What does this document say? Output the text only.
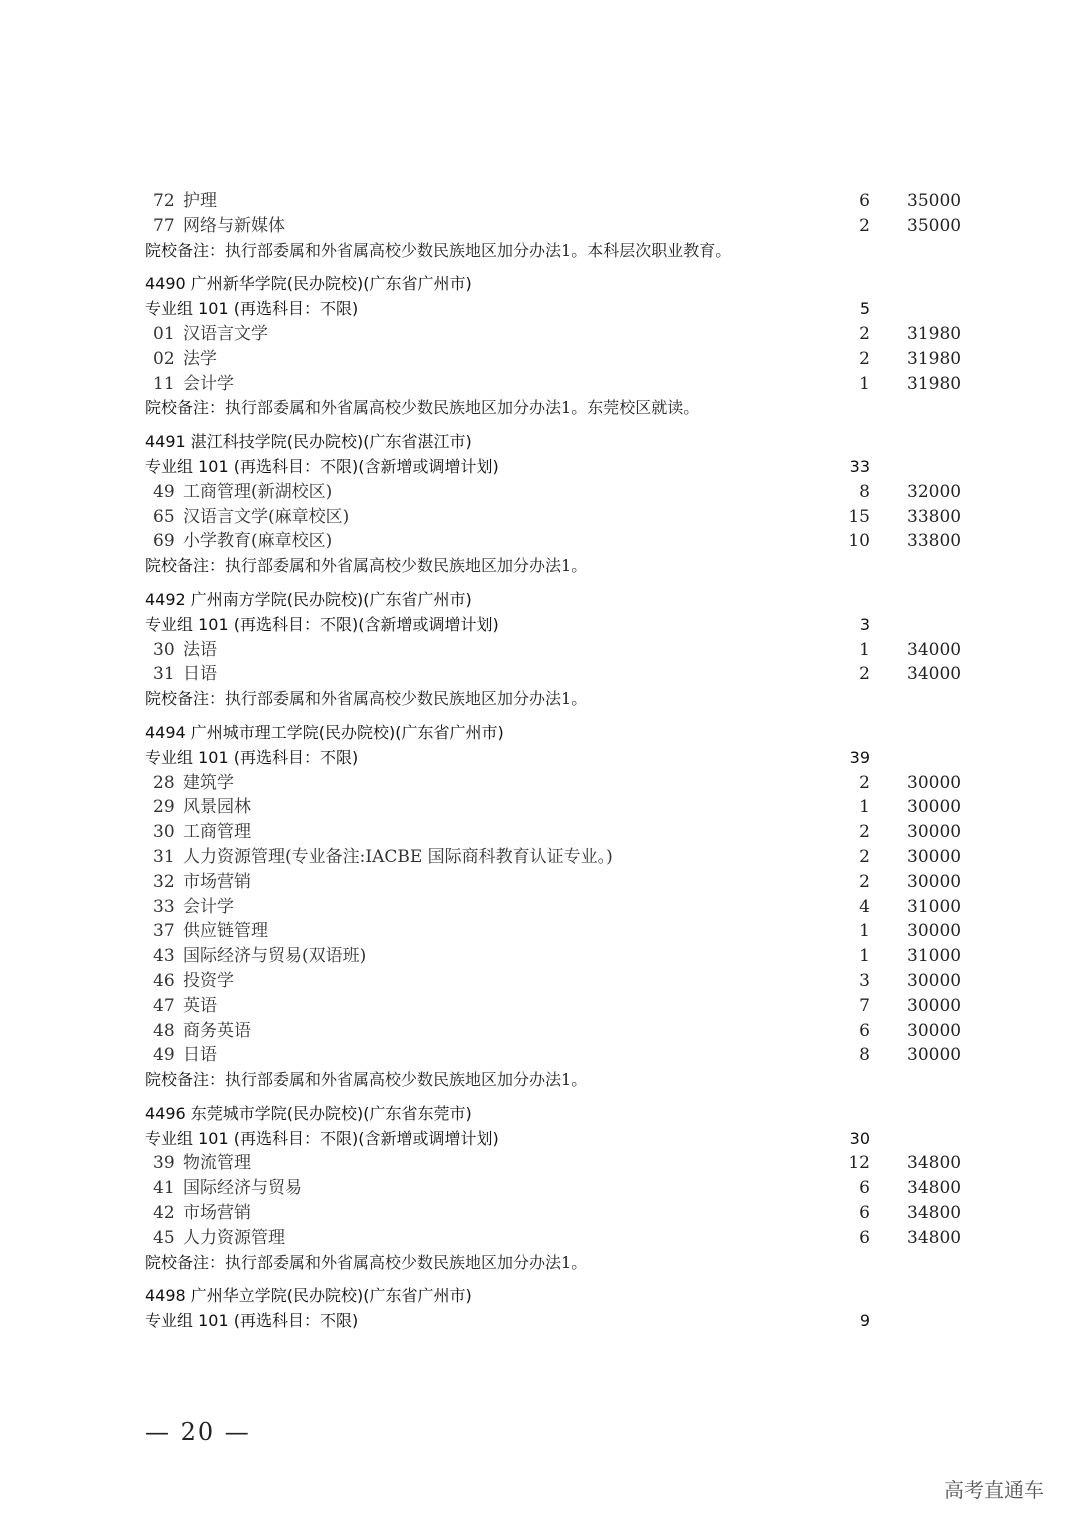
72 护理	6 35000
77 网络与新媒体	2 35000
院校备注：执行部委属和外省属高校少数民族地区加分办法1。本科层次职业教育。
4490 广州新华学院(民办院校)(广东省广州市)
专业组 101 (再选科目：不限)	5
01 汉语言文学	2 31980
02 法学	2 31980
11 会计学	1 31980
院校备注：执行部委属和外省属高校少数民族地区加分办法1。东莞校区就读。
4491 湛江科技学院(民办院校)(广东省湛江市)
专业组 101 (再选科目：不限)(含新增或调增计划)	33
49 工商管理(新湖校区)	8 32000
65 汉语言文学(麻章校区)	15 33800
69 小学教育(麻章校区)	10 33800
院校备注：执行部委属和外省属高校少数民族地区加分办法1。
4492 广州南方学院(民办院校)(广东省广州市)
专业组 101 (再选科目：不限)(含新增或调增计划)	3
30 法语	1 34000
31 日语	2 34000
院校备注：执行部委属和外省属高校少数民族地区加分办法1。
4494 广州城市理工学院(民办院校)(广东省广州市)
专业组 101 (再选科目：不限)	39
28 建筑学	2 30000
29 风景园林	1 30000
30 工商管理	2 30000
31 人力资源管理(专业备注:IACBE 国际商科教育认证专业。)	2 30000
32 市场营销	2 30000
33 会计学	4 31000
37 供应链管理	1 30000
43 国际经济与贸易(双语班)	1 31000
46 投资学	3 30000
47 英语	7 30000
48 商务英语	6 30000
49 日语	8 30000
院校备注：执行部委属和外省属高校少数民族地区加分办法1。
4496 东莞城市学院(民办院校)(广东省东莞市)
专业组 101 (再选科目：不限)(含新增或调增计划)	30
39 物流管理	12 34800
41 国际经济与贸易	6 34800
42 市场营销	6 34800
45 人力资源管理	6 34800
院校备注：执行部委属和外省属高校少数民族地区加分办法1。
4498 广州华立学院(民办院校)(广东省广州市)
专业组 101 (再选科目：不限)	9
— 20 —
高考直通车
